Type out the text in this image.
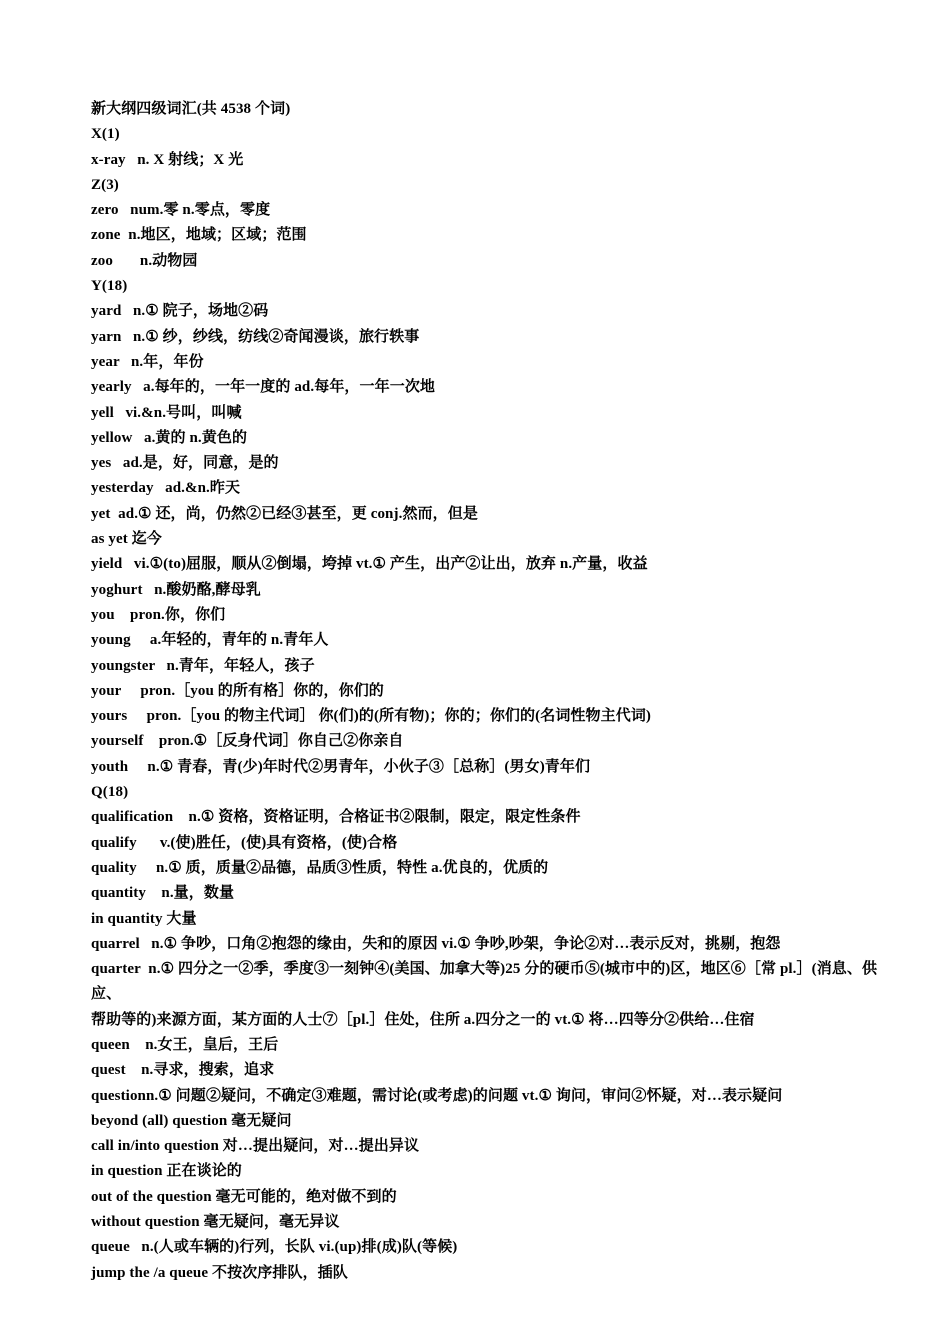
新大纲四级词汇(共 4538 个词)

X(1)

x-ray   n. X 射线；X 光

Z(3)

zero   num.零 n.零点，零度

zone  n.地区，地域；区域；范围

zoo       n.动物园

Y(18)

yard   n.① 院子，场地②码

yarn   n.① 纱，纱线，纺线②奇闻漫谈，旅行轶事

year   n.年，年份

yearly   a.每年的，一年一度的 ad.每年，一年一次地

yell   vi.&n.号叫，叫喊

yellow   a.黄的 n.黄色的

yes   ad.是，好，同意，是的

yesterday   ad.&n.昨天

yet  ad.① 还，尚，仍然②已经③甚至，更 conj.然而，但是

as yet 迄今

yield   vi.①(to)屈服，顺从②倒塌，垮掉 vt.① 产生，出产②让出，放弃 n.产量，收益

yoghurt   n.酸奶酪,酵母乳

you    pron.你，你们

young     a.年轻的，青年的 n.青年人

youngster   n.青年，年轻人，孩子

your     pron.［you 的所有格］你的，你们的

yours     pron.［you 的物主代词］ 你(们)的(所有物)；你的；你们的(名词性物主代词)

yourself    pron.①［反身代词］你自己②你亲自

youth     n.① 青春，青(少)年时代②男青年，小伙子③［总称］(男女)青年们

Q(18)

qualification    n.① 资格，资格证明，合格证书②限制，限定，限定性条件

qualify      v.(使)胜任，(使)具有资格，(使)合格

quality     n.① 质，质量②品德，品质③性质，特性 a.优良的，优质的

quantity    n.量，数量

in quantity 大量

quarrel   n.① 争吵，口角②抱怨的缘由，失和的原因 vi.① 争吵,吵架，争论②对…表示反对，挑剔，抱怨

quarter  n.① 四分之一②季，季度③一刻钟④(美国、加拿大等)25 分的硬币⑤(城市中的)区，地区⑥［常 pl.］(消息、供应、

帮助等的)来源方面，某方面的人士⑦［pl.］住处，住所 a.四分之一的 vt.① 将…四等分②供给…住宿

queen    n.女王，皇后，王后

quest    n.寻求，搜索，追求

questionn.① 问题②疑问，不确定③难题，需讨论(或考虑)的问题 vt.① 询问，审问②怀疑，对…表示疑问

beyond (all) question 毫无疑问

call in/into question 对…提出疑问，对…提出异议

in question 正在谈论的

out of the question 毫无可能的，绝对做不到的

without question 毫无疑问，毫无异议

queue   n.(人或车辆的)行列，长队 vi.(up)排(成)队(等候)

jump the /a queue 不按次序排队，插队
